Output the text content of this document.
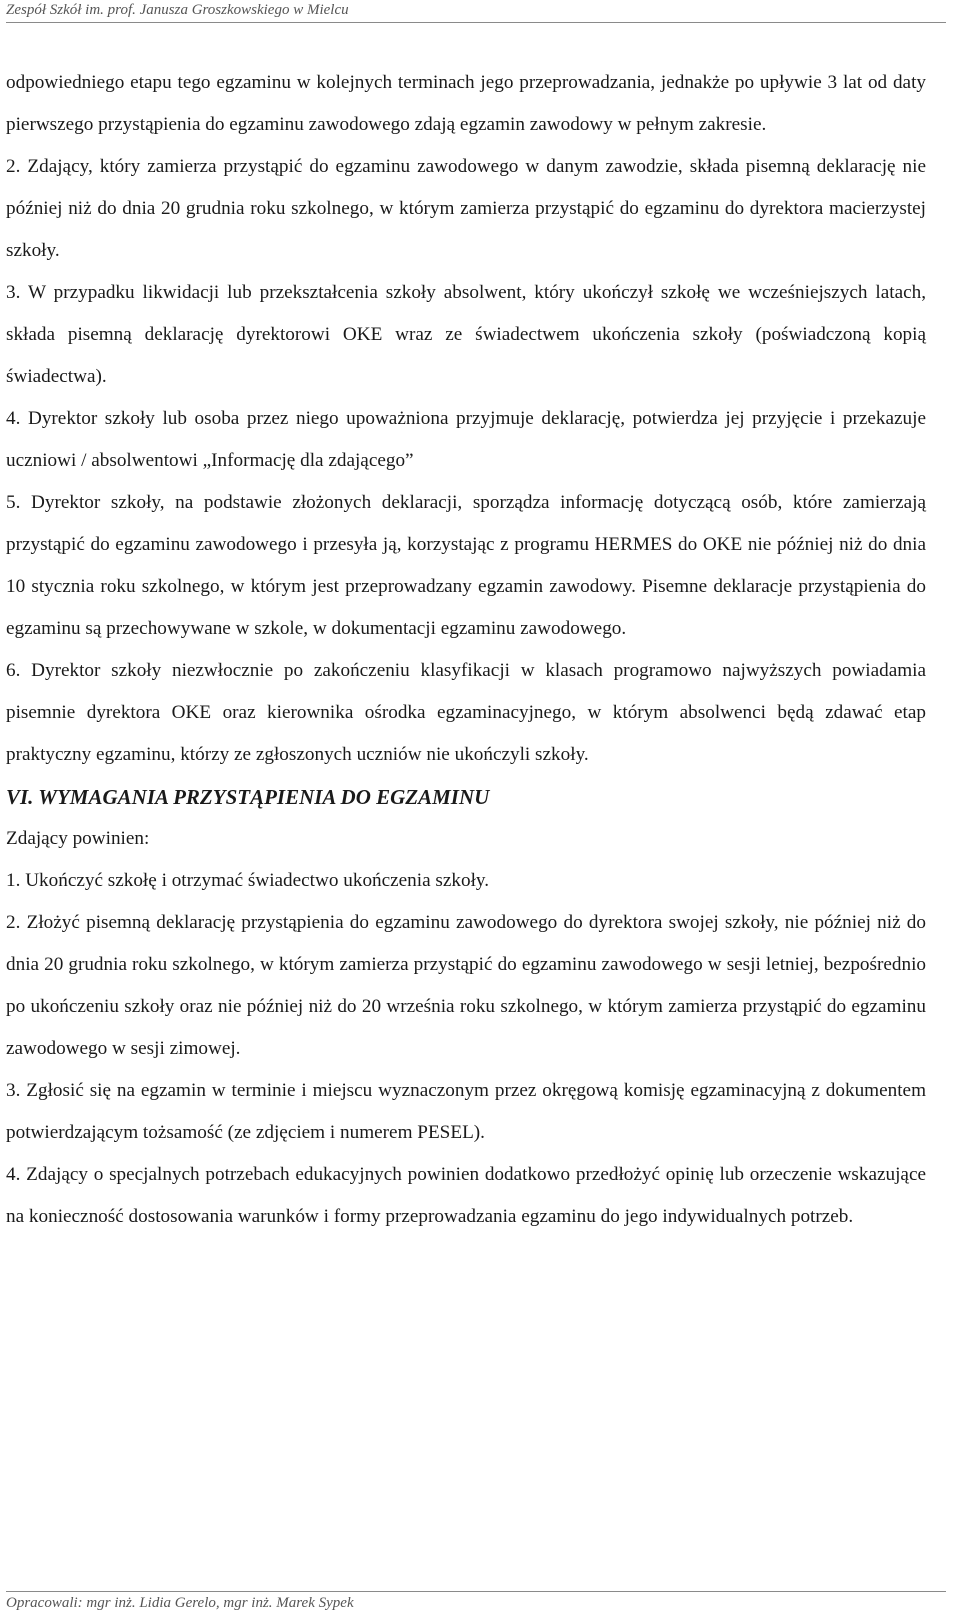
Zespół Szkół im. prof. Janusza Groszkowskiego w Mielcu

odpowiedniego etapu tego egzaminu w kolejnych terminach jego przeprowadzania, jednakże po upływie 3 lat od daty pierwszego przystąpienia do egzaminu zawodowego zdają egzamin zawodowy w pełnym zakresie.

2. Zdający, który zamierza przystąpić do egzaminu zawodowego w danym zawodzie, składa pisemną deklarację nie później niż do dnia 20 grudnia roku szkolnego, w którym zamierza przystąpić do egzaminu do dyrektora macierzystej szkoły.

3. W przypadku likwidacji lub przekształcenia szkoły absolwent, który ukończył szkołę we wcześniejszych latach, składa pisemną deklarację dyrektorowi OKE wraz ze świadectwem ukończenia szkoły (poświadczoną kopią świadectwa).

4. Dyrektor szkoły lub osoba przez niego upoważniona przyjmuje deklarację, potwierdza jej przyjęcie i przekazuje uczniowi / absolwentowi „Informację dla zdającego”

5. Dyrektor szkoły, na podstawie złożonych deklaracji, sporządza informację dotyczącą osób, które zamierzają przystąpić do egzaminu zawodowego i przesyła ją, korzystając z programu HERMES do OKE nie później niż do dnia 10 stycznia roku szkolnego, w którym jest przeprowadzany egzamin zawodowy. Pisemne deklaracje przystąpienia do egzaminu są przechowywane w szkole, w dokumentacji egzaminu zawodowego.

6. Dyrektor szkoły niezwłocznie po zakończeniu klasyfikacji w klasach programowo najwyższych powiadamia pisemnie dyrektora OKE oraz kierownika ośrodka egzaminacyjnego, w którym absolwenci będą zdawać etap praktyczny egzaminu, którzy ze zgłoszonych uczniów nie ukończyli szkoły.

VI. WYMAGANIA PRZYSTĄPIENIA DO EGZAMINU

Zdający powinien:

1. Ukończyć szkołę i otrzymać świadectwo ukończenia szkoły.

2. Złożyć pisemną deklarację przystąpienia do egzaminu zawodowego do dyrektora swojej szkoły, nie później niż do dnia 20 grudnia roku szkolnego, w którym zamierza przystąpić do egzaminu zawodowego w sesji letniej, bezpośrednio po ukończeniu szkoły oraz nie później niż do 20 września roku szkolnego, w którym zamierza przystąpić do egzaminu zawodowego w sesji zimowej.

3. Zgłosić się na egzamin w terminie i miejscu wyznaczonym przez okręgową komisję egzaminacyjną z dokumentem potwierdzającym tożsamość (ze zdjęciem i numerem PESEL).

4. Zdający o specjalnych potrzebach edukacyjnych powinien dodatkowo przedłożyć opinię lub orzeczenie wskazujące na konieczność dostosowania warunków i formy przeprowadzania egzaminu do jego indywidualnych potrzeb.

Opracowali: mgr inż. Lidia Gerelo, mgr inż. Marek Sypek
